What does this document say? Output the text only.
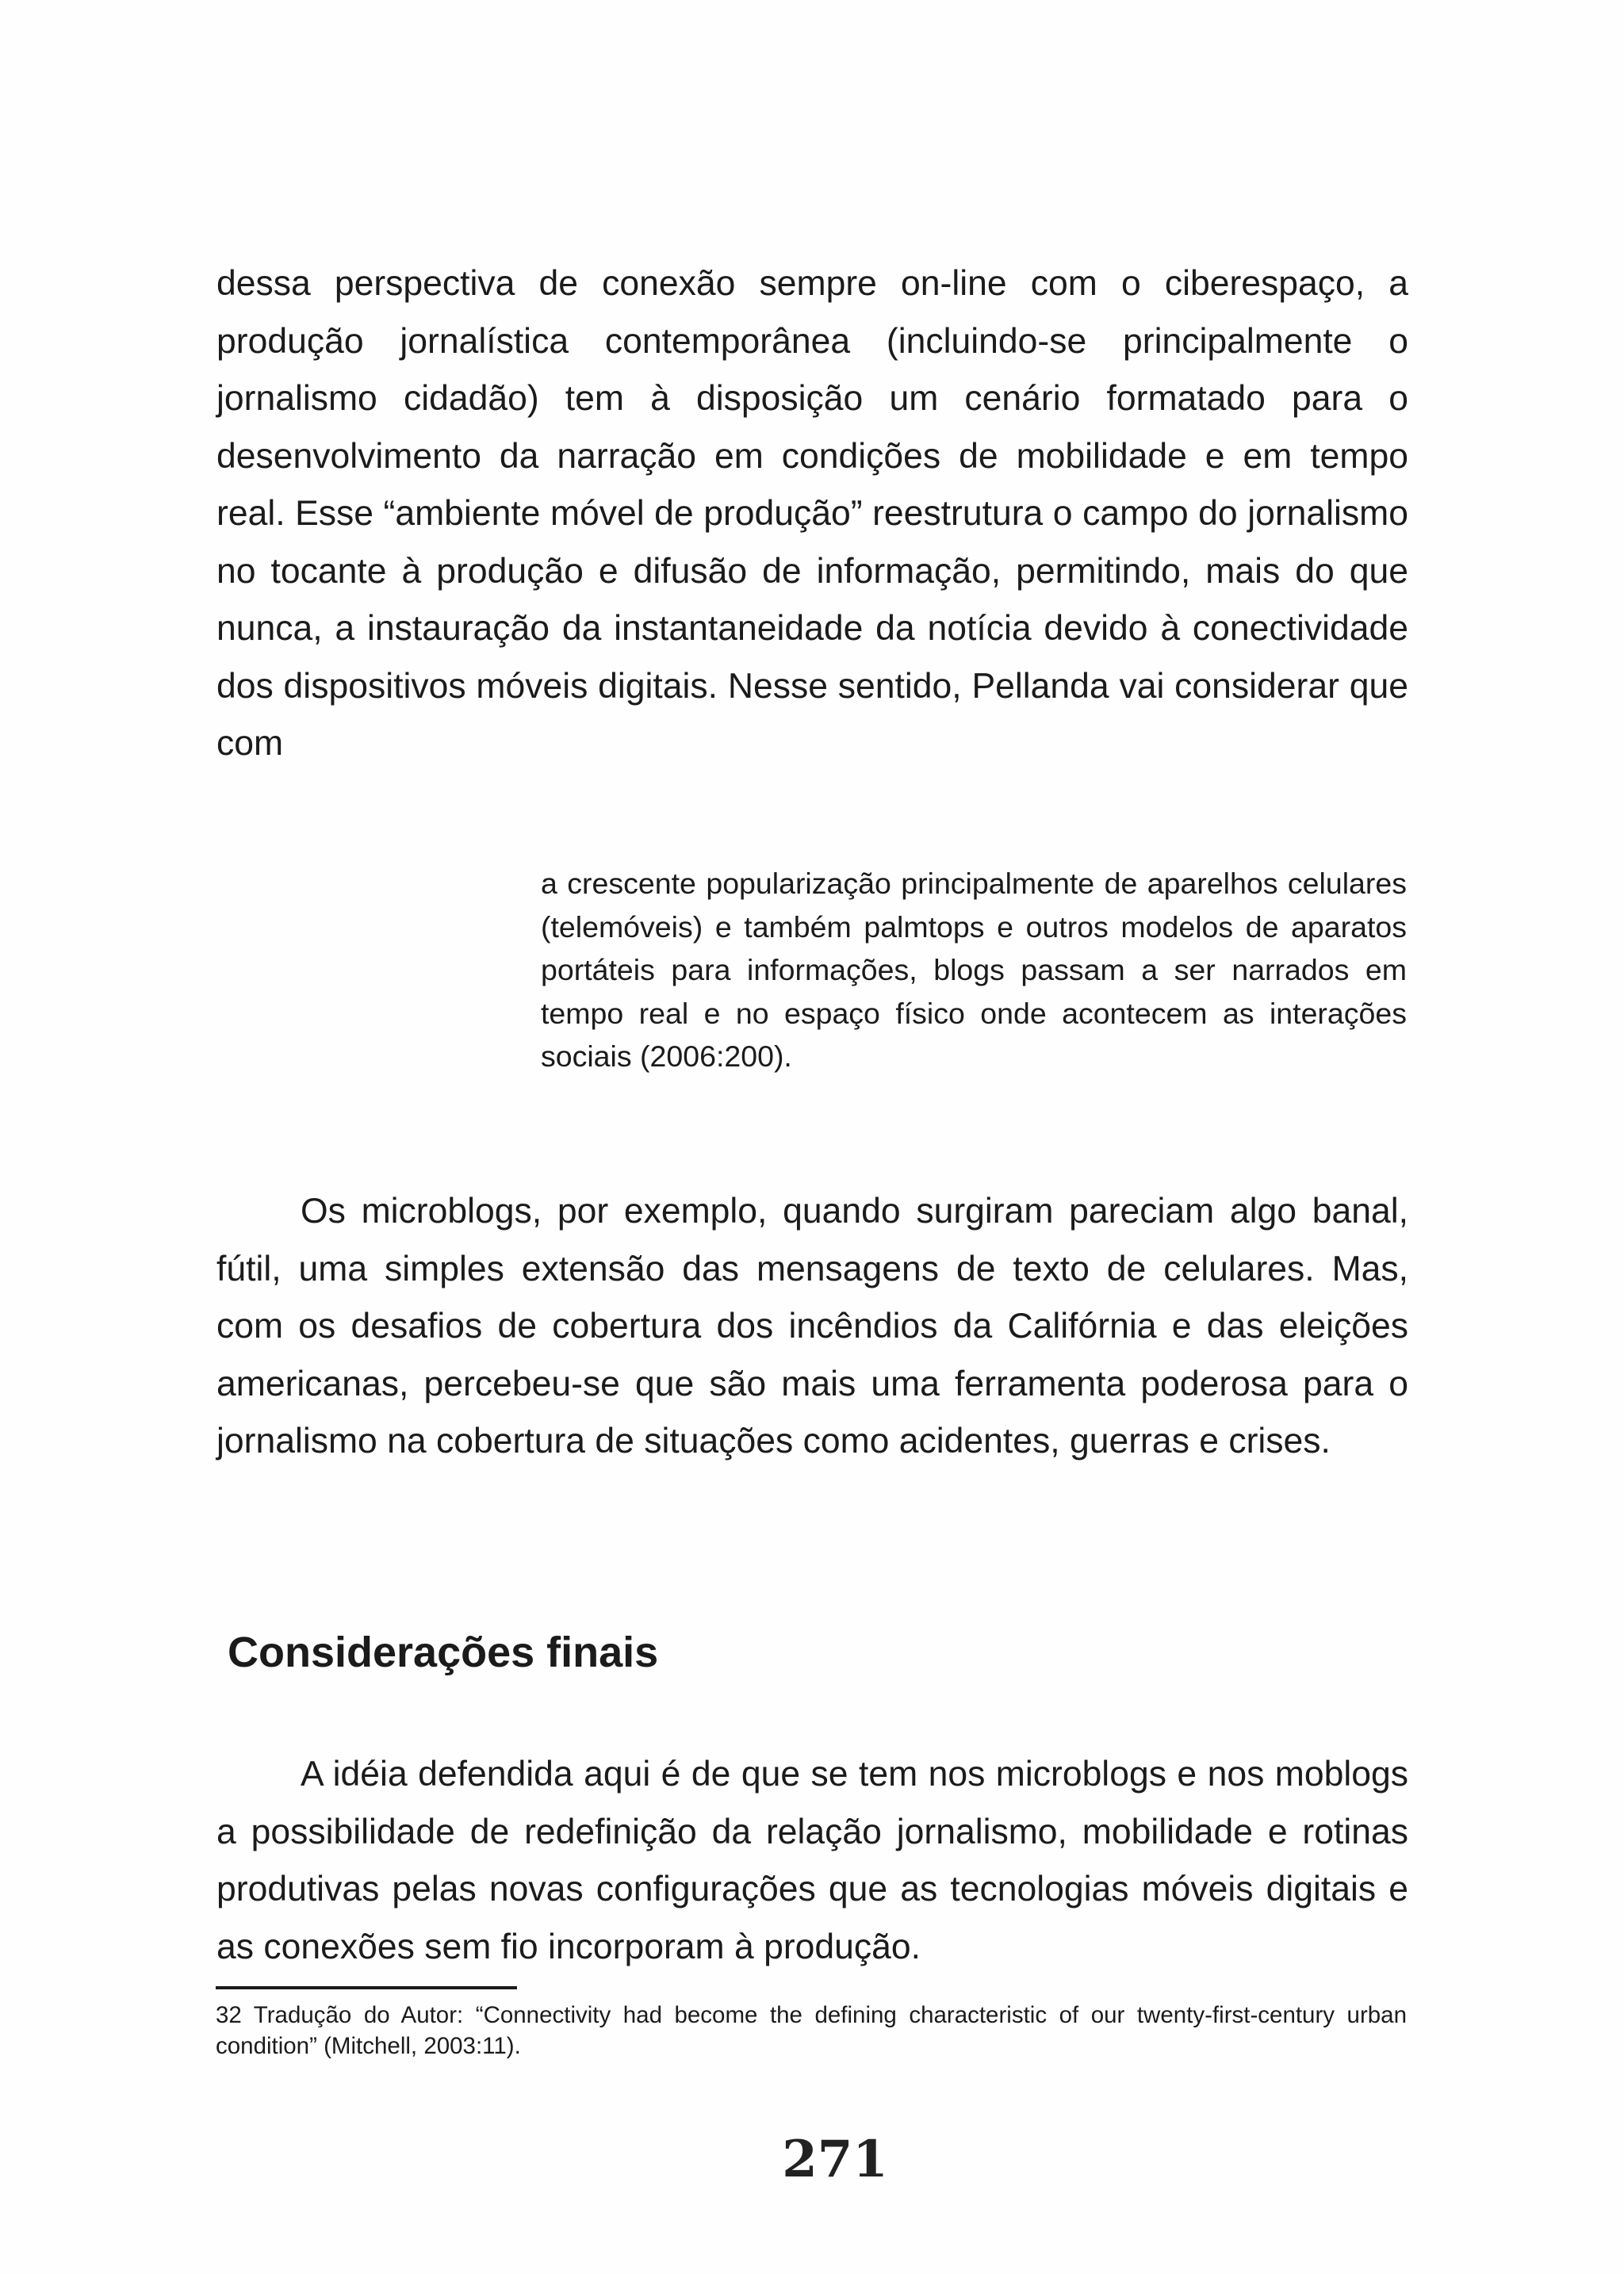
dessa perspectiva de conexão sempre on-line com o ciberespaço, a produção jornalística contemporânea (incluindo-se principalmente o jornalismo cidadão) tem à disposição um cenário formatado para o desenvolvimento da narração em condições de mobilidade e em tempo real. Esse “ambiente móvel de produção” reestrutura o campo do jornalismo no tocante à produção e difusão de informação, permitindo, mais do que nunca, a instauração da instantaneidade da notícia devido à conectividade dos dispositivos móveis digitais. Nesse sentido, Pellanda vai considerar que com

a crescente popularização principalmente de aparelhos celulares (telemóveis) e também palmtops e outros modelos de aparatos portáteis para informações, blogs passam a ser narrados em tempo real e no espaço físico onde acontecem as interações sociais (2006:200).

Os microblogs, por exemplo, quando surgiram pareciam algo banal, fútil, uma simples extensão das mensagens de texto de celulares. Mas, com os desafios de cobertura dos incêndios da Califórnia e das eleições americanas, percebeu-se que são mais uma ferramenta poderosa para o jornalismo na cobertura de situações como acidentes, guerras e crises.

Considerações finais

A idéia defendida aqui é de que se tem nos microblogs e nos moblogs a possibilidade de redefinição da relação jornalismo, mobilidade e rotinas produtivas pelas novas configurações que as tecnologias móveis digitais e as conexões sem fio incorporam à produção.

32 Tradução do Autor: “Connectivity had become the defining characteristic of our twenty-first-century urban condition” (Mitchell, 2003:11).

271
